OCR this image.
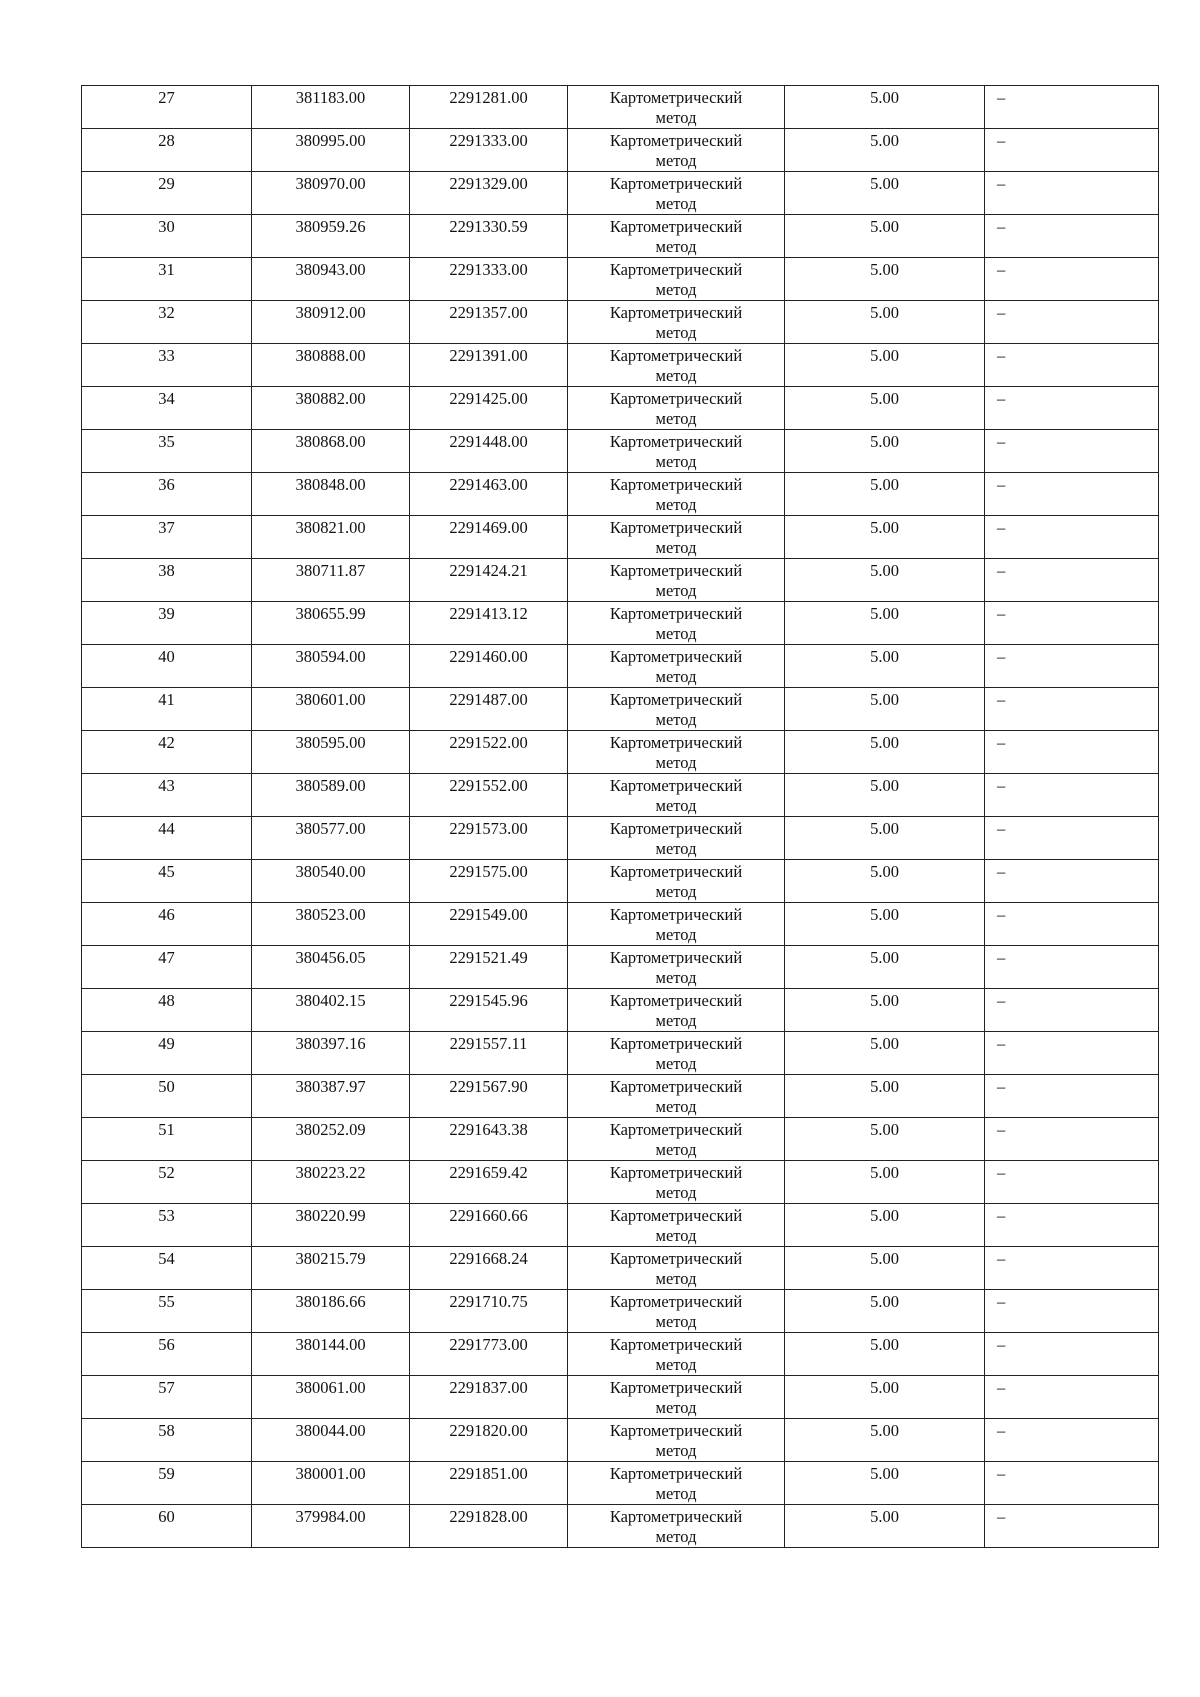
27	381183.00	2291281.00	Картометрический
метод	5.00	–

28	380995.00	2291333.00	Картометрический
метод	5.00	–

29	380970.00	2291329.00	Картометрический
метод	5.00	–

30	380959.26	2291330.59	Картометрический
метод	5.00	–

31	380943.00	2291333.00	Картометрический
метод	5.00	–

32	380912.00	2291357.00	Картометрический
метод	5.00	–

33	380888.00	2291391.00	Картометрический
метод	5.00	–

34	380882.00	2291425.00	Картометрический
метод	5.00	–

35	380868.00	2291448.00	Картометрический
метод	5.00	–

36	380848.00	2291463.00	Картометрический
метод	5.00	–

37	380821.00	2291469.00	Картометрический
метод	5.00	–

38	380711.87	2291424.21	Картометрический
метод	5.00	–

39	380655.99	2291413.12	Картометрический
метод	5.00	–

40	380594.00	2291460.00	Картометрический
метод	5.00	–

41	380601.00	2291487.00	Картометрический
метод	5.00	–

42	380595.00	2291522.00	Картометрический
метод	5.00	–

43	380589.00	2291552.00	Картометрический
метод	5.00	–

44	380577.00	2291573.00	Картометрический
метод	5.00	–

45	380540.00	2291575.00	Картометрический
метод	5.00	–

46	380523.00	2291549.00	Картометрический
метод	5.00	–

47	380456.05	2291521.49	Картометрический
метод	5.00	–

48	380402.15	2291545.96	Картометрический
метод	5.00	–

49	380397.16	2291557.11	Картометрический
метод	5.00	–

50	380387.97	2291567.90	Картометрический
метод	5.00	–

51	380252.09	2291643.38	Картометрический
метод	5.00	–

52	380223.22	2291659.42	Картометрический
метод	5.00	–

53	380220.99	2291660.66	Картометрический
метод	5.00	–

54	380215.79	2291668.24	Картометрический
метод	5.00	–

55	380186.66	2291710.75	Картометрический
метод	5.00	–

56	380144.00	2291773.00	Картометрический
метод	5.00	–

57	380061.00	2291837.00	Картометрический
метод	5.00	–

58	380044.00	2291820.00	Картометрический
метод	5.00	–

59	380001.00	2291851.00	Картометрический
метод	5.00	–

60	379984.00	2291828.00	Картометрический
метод	5.00	–
